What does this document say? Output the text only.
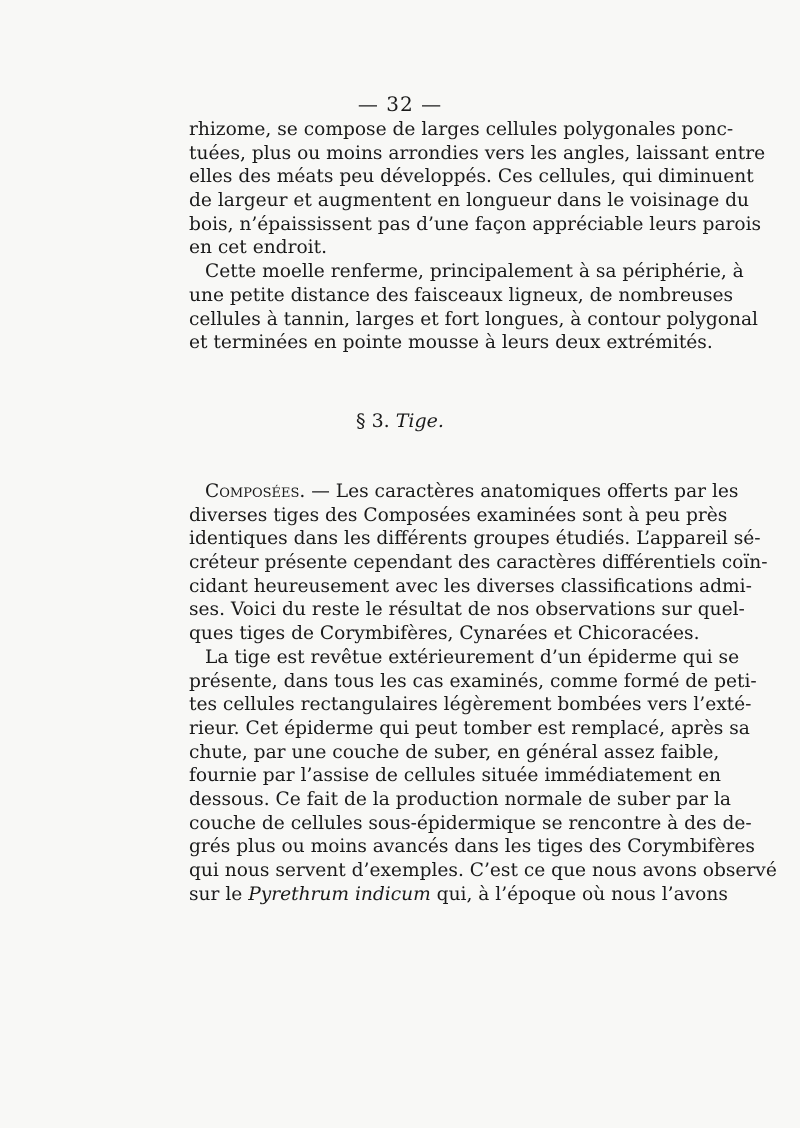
— 32 —
rhizome, se compose de larges cellules polygonales ponc-
tuées, plus ou moins arrondies vers les angles, laissant entre
elles des méats peu développés. Ces cellules, qui diminuent
de largeur et augmentent en longueur dans le voisinage du
bois, n’épaississent pas d’une façon appréciable leurs parois
en cet endroit.
Cette moelle renferme, principalement à sa périphérie, à
une petite distance des faisceaux ligneux, de nombreuses
cellules à tannin, larges et fort longues, à contour polygonal
et terminées en pointe mousse à leurs deux extrémités.
§ 3. Tige.
Composées. — Les caractères anatomiques offerts par les
diverses tiges des Composées examinées sont à peu près
identiques dans les différents groupes étudiés. L’appareil sé-
créteur présente cependant des caractères différentiels coïn-
cidant heureusement avec les diverses classifications admi-
ses. Voici du reste le résultat de nos observations sur quel-
ques tiges de Corymbifères, Cynarées et Chicoracées.
La tige est revêtue extérieurement d’un épiderme qui se
présente, dans tous les cas examinés, comme formé de peti-
tes cellules rectangulaires légèrement bombées vers l’exté-
rieur. Cet épiderme qui peut tomber est remplacé, après sa
chute, par une couche de suber, en général assez faible,
fournie par l’assise de cellules située immédiatement en
dessous. Ce fait de la production normale de suber par la
couche de cellules sous-épidermique se rencontre à des de-
grés plus ou moins avancés dans les tiges des Corymbifères
qui nous servent d’exemples. C’est ce que nous avons observé
sur le Pyrethrum indicum qui, à l’époque où nous l’avons
